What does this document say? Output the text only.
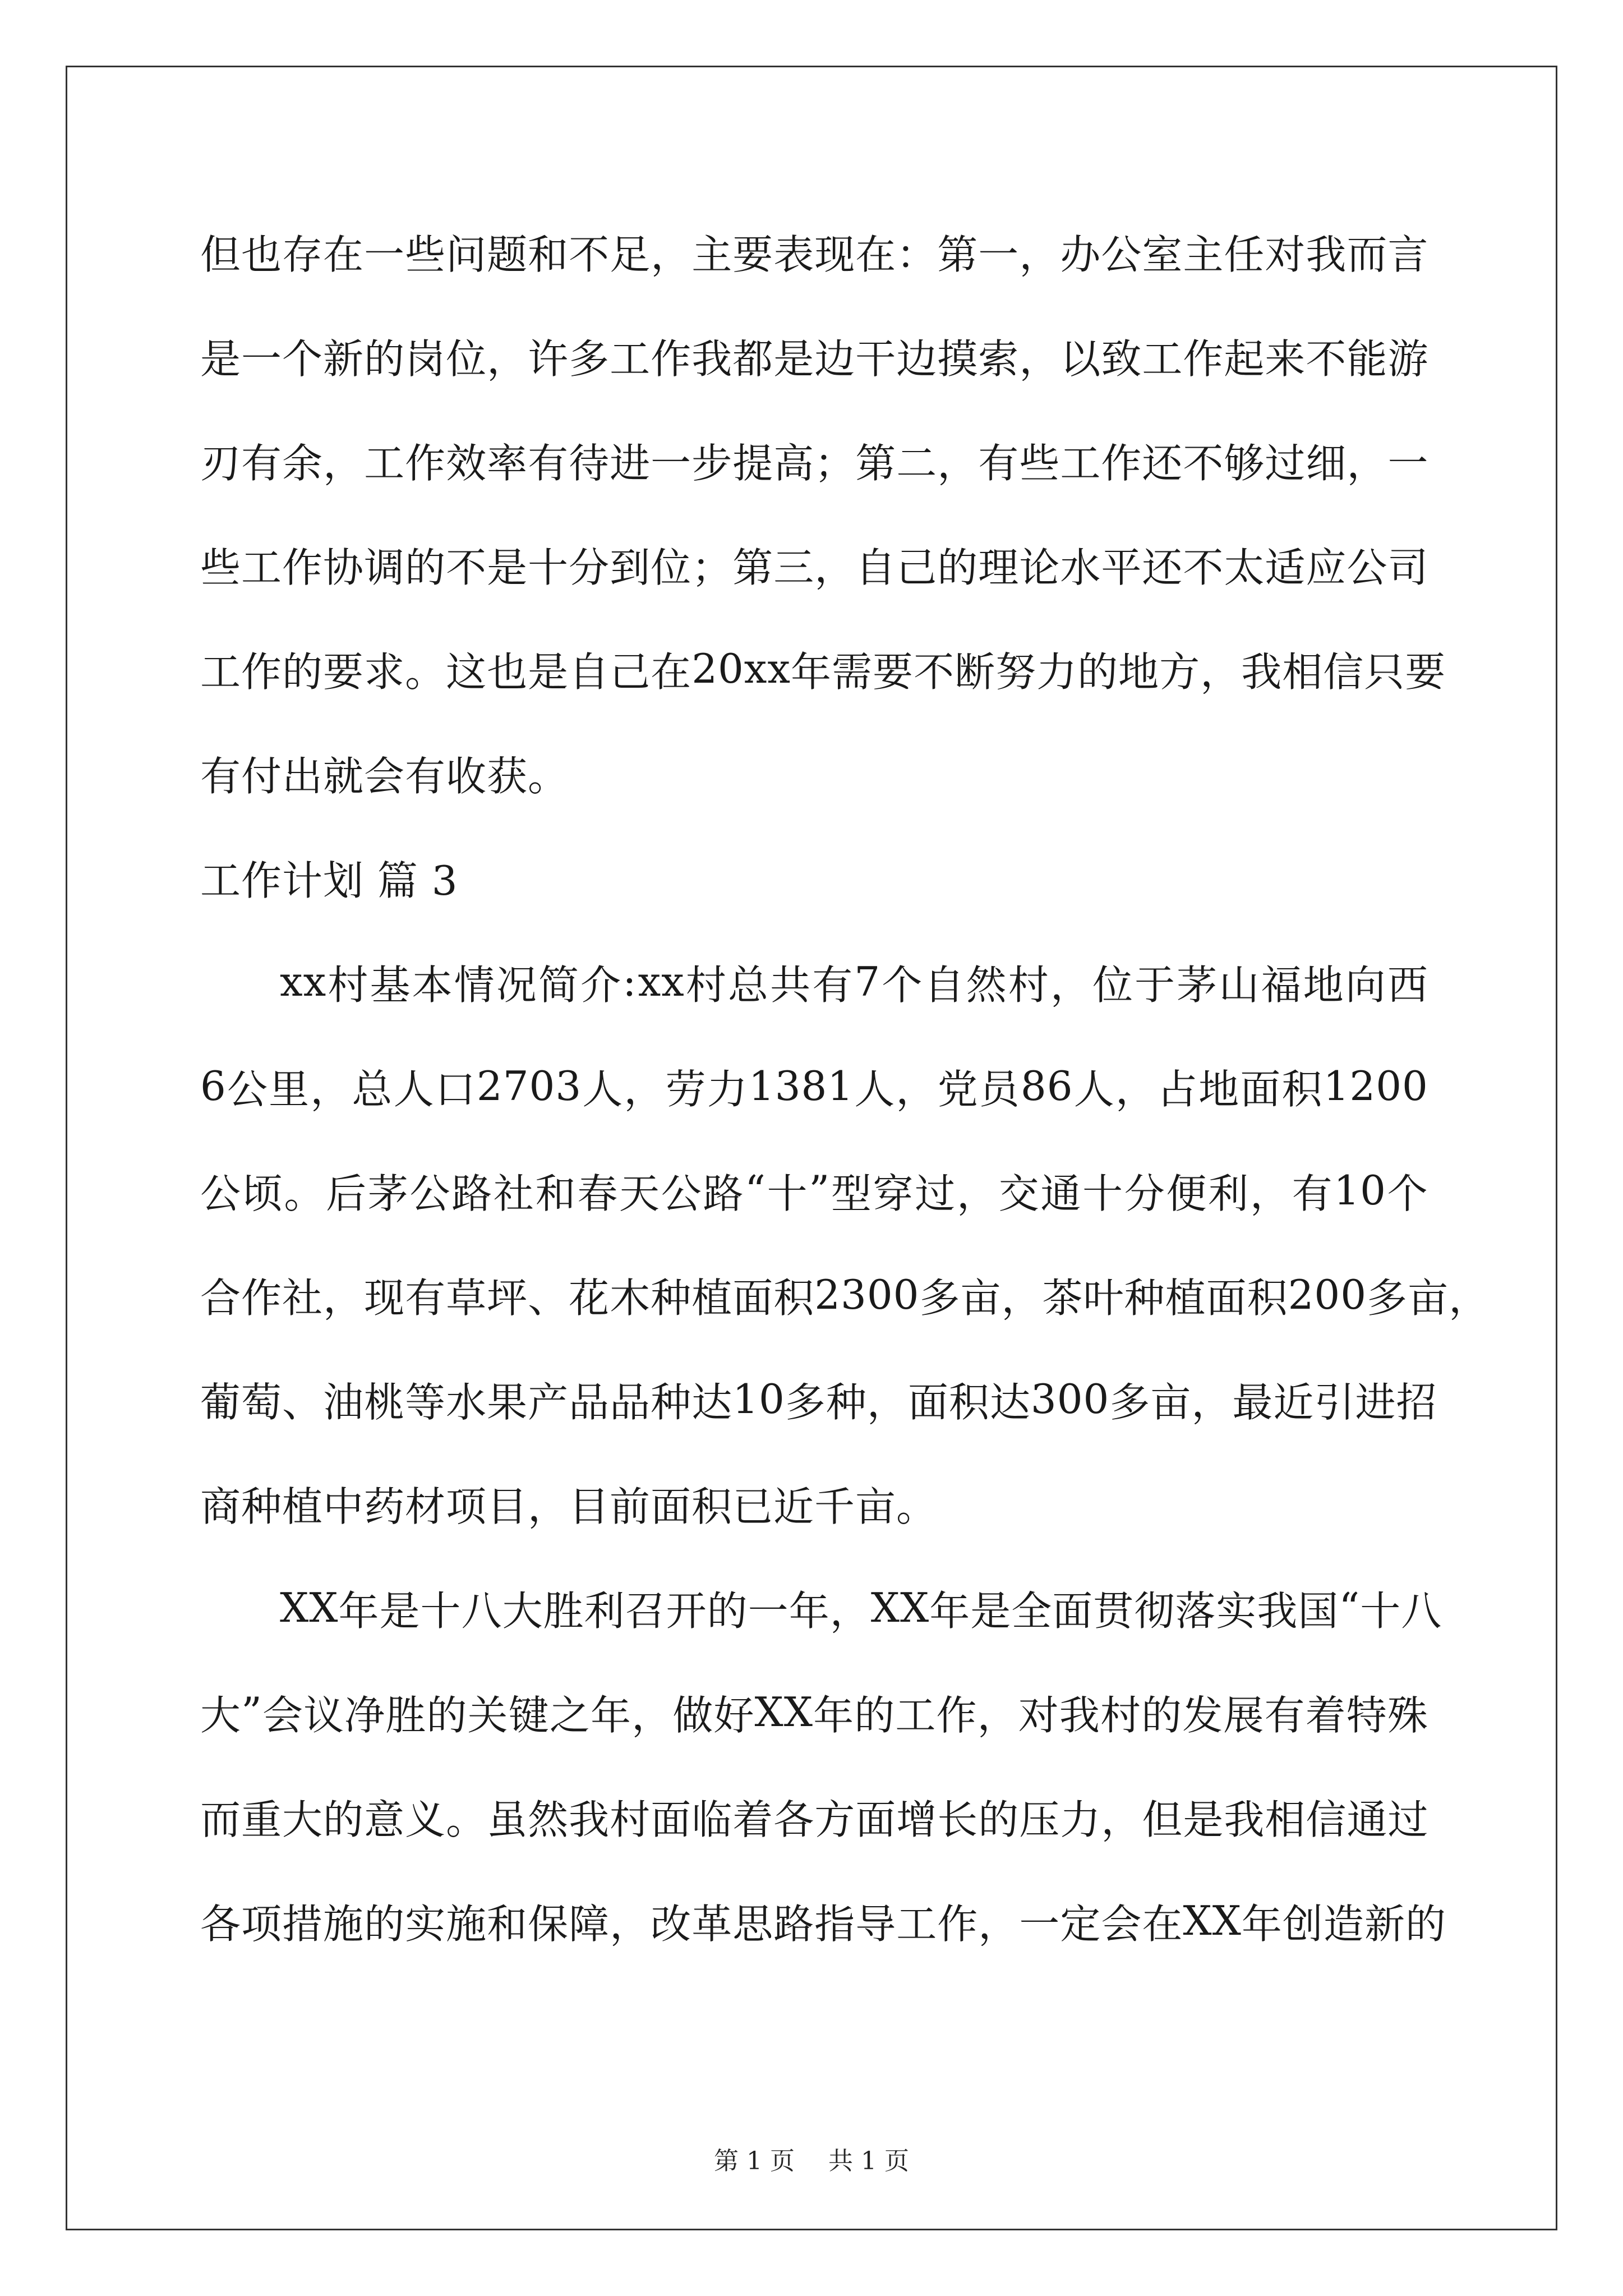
但 也 存 在 一 些 问 题 和 不 足 ， 主 要 表 现 在 ： 第 一 ， 办 公 室 主 任 对 我 而 言
是 一 个 新 的 岗 位 ， 许 多 工 作 我 都 是 边 干 边 摸 索 ， 以 致 工 作 起 来 不 能 游
刃 有 余 ， 工 作 效 率 有 待 进 一 步 提 高 ； 第 二 ， 有 些 工 作 还 不 够 过 细 ， 一
些 工 作 协 调 的 不 是 十 分 到 位 ； 第 三 ， 自 己 的 理 论 水 平 还 不 太 适 应 公 司
工 作 的 要 求 。 这 也 是 自 己 在 20xx 年 需 要 不 断 努 力 的 地 方 ， 我 相 信 只 要
有付出就会有收获。
工作计划 篇 3
xx 村 基 本 情 况 简 介 : xx 村 总 共 有 7 个 自 然 村 ， 位 于 茅 山 福 地 向 西
6 公 里 ， 总 人 口 2703 人 ， 劳 力 1381 人 ， 党 员 86 人 ， 占 地 面 积 1200
公 顷 。 后 茅 公 路 社 和 春 天 公 路 “ 十 ” 型 穿 过 ， 交 通 十 分 便 利 ， 有 10 个
合 作 社 ， 现 有 草 坪 、 花 木 种 植 面 积 2300 多 亩 ， 茶 叶 种 植 面 积 200 多 亩 ，
葡 萄 、 油 桃 等 水 果 产 品 品 种 达 10 多 种 ， 面 积 达 300 多 亩 ， 最 近 引 进 招
商种植中药材项目，目前面积已近千亩。
XX 年 是 十 八 大 胜 利 召 开 的 一 年 ， XX 年 是 全 面 贯 彻 落 实 我 国 “ 十 八
大 ” 会 议 净 胜 的 关 键 之 年 ， 做 好 XX 年 的 工 作 ， 对 我 村 的 发 展 有 着 特 殊
而 重 大 的 意 义 。 虽 然 我 村 面 临 着 各 方 面 增 长 的 压 力 ， 但 是 我 相 信 通 过
各 项 措 施 的 实 施 和 保 障 ， 改 革 思 路 指 导 工 作 ， 一 定 会 在 XX 年 创 造 新 的
第 1 页 共 1 页
